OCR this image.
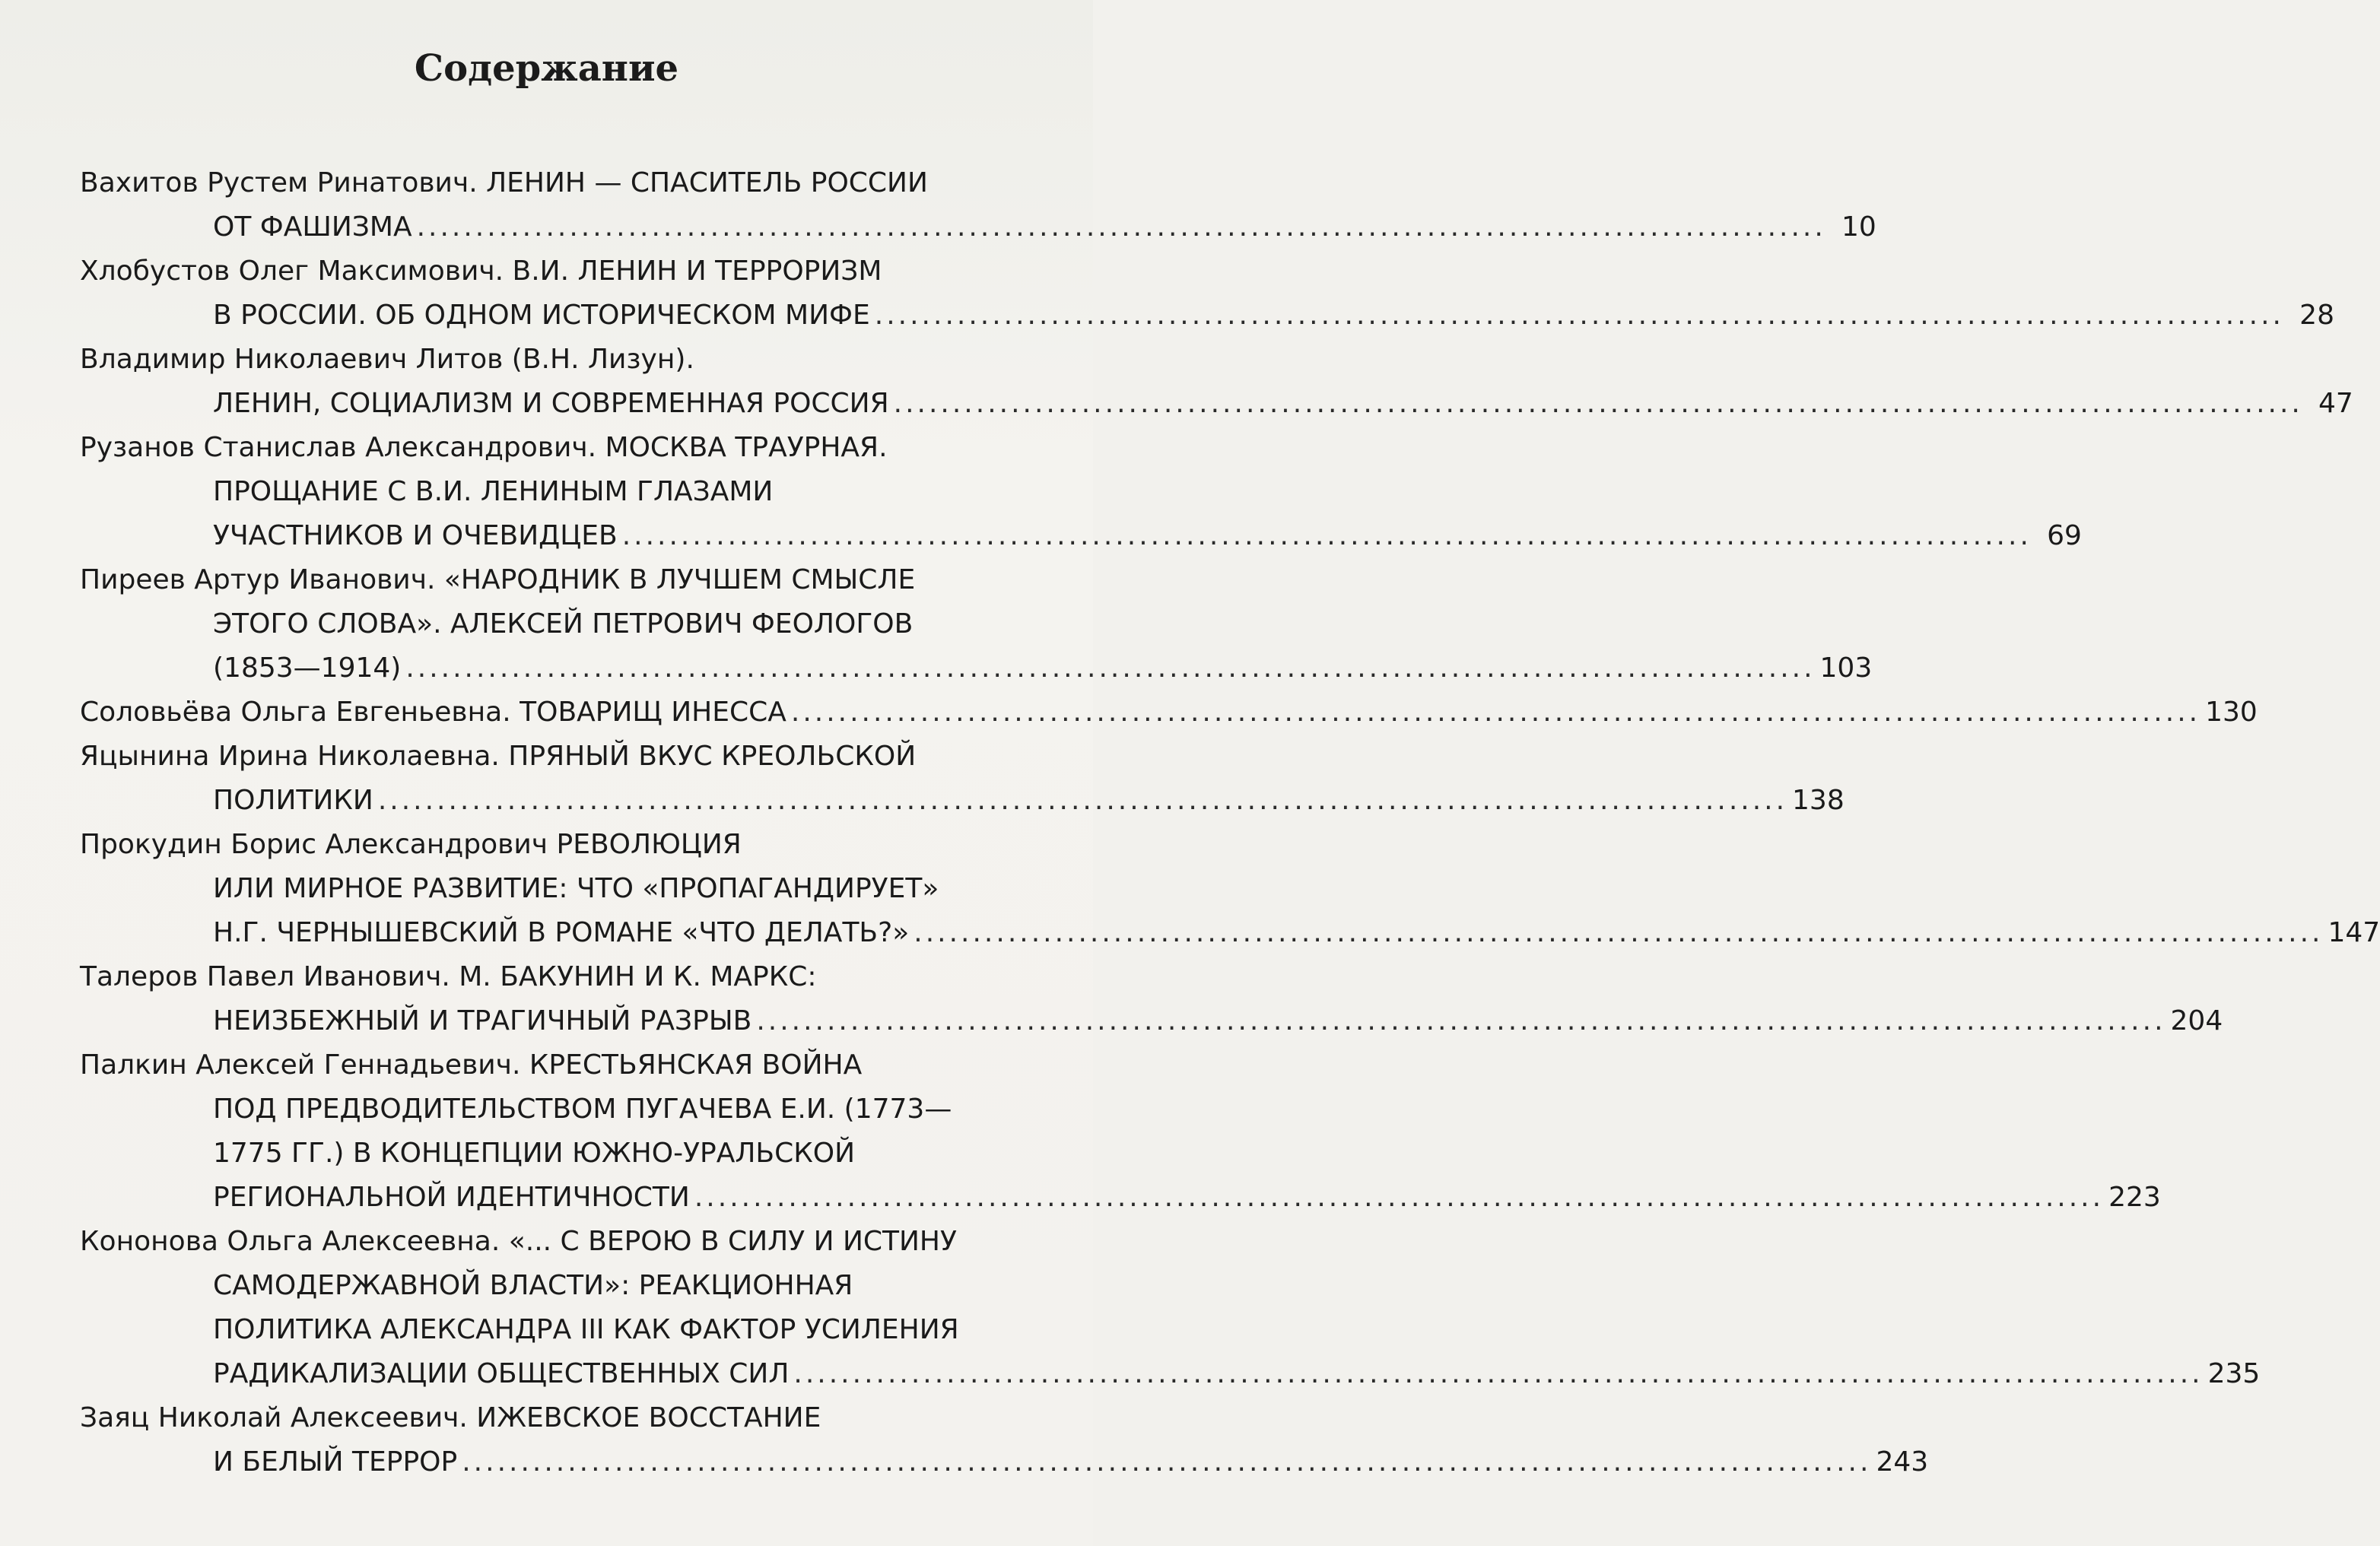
Содержание
Вахитов Рустем Ринатович. ЛЕНИН — СПАСИТЕЛЬ РОССИИ
ОТ ФАШИЗМА ........................................................................................................................ 10
Хлобустов Олег Максимович. В.И. ЛЕНИН И ТЕРРОРИЗМ
В РОССИИ. ОБ ОДНОМ ИСТОРИЧЕСКОМ МИФЕ ........................................................................................................................ 28
Владимир Николаевич Литов (В.Н. Лизун).
ЛЕНИН, СОЦИАЛИЗМ И СОВРЕМЕННАЯ РОССИЯ ........................................................................................................................ 47
Рузанов Станислав Александрович. МОСКВА ТРАУРНАЯ.
ПРОЩАНИЕ С В.И. ЛЕНИНЫМ ГЛАЗАМИ
УЧАСТНИКОВ И ОЧЕВИДЦЕВ ........................................................................................................................ 69
Пиреев Артур Иванович. «НАРОДНИК В ЛУЧШЕМ СМЫСЛЕ
ЭТОГО СЛОВА». АЛЕКСЕЙ ПЕТРОВИЧ ФЕОЛОГОВ
(1853—1914) ........................................................................................................................ 103
Соловьёва Ольга Евгеньевна. ТОВАРИЩ ИНЕССА ........................................................................................................................ 130
Яцынина Ирина Николаевна. ПРЯНЫЙ ВКУС КРЕОЛЬСКОЙ
ПОЛИТИКИ ........................................................................................................................ 138
Прокудин Борис Александрович РЕВОЛЮЦИЯ
ИЛИ МИРНОЕ РАЗВИТИЕ: ЧТО «ПРОПАГАНДИРУЕТ»
Н.Г. ЧЕРНЫШЕВСКИЙ В РОМАНЕ «ЧТО ДЕЛАТЬ?» ........................................................................................................................ 147
Талеров Павел Иванович. М. БАКУНИН И К. МАРКС:
НЕИЗБЕЖНЫЙ И ТРАГИЧНЫЙ РАЗРЫВ ........................................................................................................................ 204
Палкин Алексей Геннадьевич. КРЕСТЬЯНСКАЯ ВОЙНА
ПОД ПРЕДВОДИТЕЛЬСТВОМ ПУГАЧЕВА Е.И. (1773—
1775 ГГ.) В КОНЦЕПЦИИ ЮЖНО-УРАЛЬСКОЙ
РЕГИОНАЛЬНОЙ ИДЕНТИЧНОСТИ ........................................................................................................................ 223
Кононова Ольга Алексеевна. «... С ВЕРОЮ В СИЛУ И ИСТИНУ
САМОДЕРЖАВНОЙ ВЛАСТИ»: РЕАКЦИОННАЯ
ПОЛИТИКА АЛЕКСАНДРА III КАК ФАКТОР УСИЛЕНИЯ
РАДИКАЛИЗАЦИИ ОБЩЕСТВЕННЫХ СИЛ ........................................................................................................................ 235
Заяц Николай Алексеевич. ИЖЕВСКОЕ ВОССТАНИЕ
И БЕЛЫЙ ТЕРРОР ........................................................................................................................ 243
